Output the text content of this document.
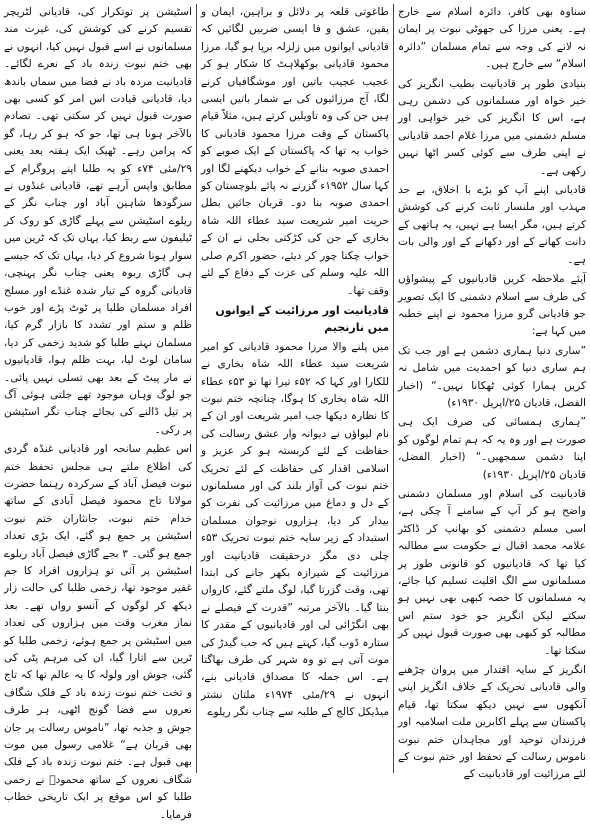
سناوہ بھی کافر، دائرہ اسلام سے خارج ہے۔ یعنی مرزا کی جھوٹی نبوت پر ایمان نہ لانے کی وجہ سے تمام مسلمان ”دائرہ اسلام“ سے خارج ہیں۔

بنیادی طور پر قادیانیت بطیب انگریز کی خیر خواہ اور مسلمانوں کی دشمن رہی ہے، اس کا انگریز کی خیر خواہی اور مسلم دشمنی میں مرزا غلام احمد قادیانی نے اپنی طرف سے کوئی کسر اٹھا نہیں رکھی ہے۔

قادیانی اپنے آپ کو بڑے با اخلاق، بے حد مہذب اور ملنسار ثابت کرنے کی کوشش کرتے ہیں، مگر ایسا ہے نہیں، یہ ہاتھی کے دانت کھانے کے اور دکھانے کے اور والی بات ہے۔

آیئے ملاحظہ کریں قادیانیوں کے پیشواؤں کی طرف سے اسلام دشمنی کا ایک تصویر جو قادیانی گرو مرزا محمود نے اپنے خطبہ میں کہا ہے:

”ساری دنیا ہماری دشمن ہے اور جب تک ہم ساری دنیا کو احمدیت میں شامل نہ کریں ہمارا کوئی ٹھکانا نہیں۔“ (اخبار الفضل، قادیان ۲۵/اپریل ۱۹۳۰ء)

”ہماری ہمسائی کی صرف ایک ہی صورت ہے اور وہ یہ کہ ہم تمام لوگوں کو اپنا دشمن سمجھیں۔“ (اخبار الفضل، قادیان ۲۵/اپریل ۱۹۳۰ء)

قادیانیت کی اسلام اور مسلمان دشمنی واضح ہو کر آپ کے سامنے آ چکی ہے، اسی مسلم دشمنی کو بھانپ کر ڈاکٹر علامہ محمد اقبال نے حکومت سے مطالبہ کیا تھا کہ قادیانیوں کو قانونی طور پر مسلمانوں سے الگ اقلیت تسلیم کیا جائے، یہ مسلمانوں کا حصہ کبھی بھی نہیں ہو سکتے لیکن انگریز جو خود ستم اس مطالبہ کو کبھی بھی صورت قبول نہیں کر سکتا تھا۔

انگریز کے سایہ اقتدار میں پروان چڑھنے والی قادیانی تحریک کے خلاف انگریز اپنی آنکھوں سے نہیں دیکھ سکتا تھا، قیام پاکستان سے پہلے اکابرین ملت اسلامیہ اور فرزندان توحید اور مجاہدان ختم نبوت ناموس رسالت کے تحفظ اور ختم نبوت کے لئے مرزائیت اور قادیانیت کے

طاغوتی قلعہ پر دلائل و براہین، ایمان و یقین، عشق و فا ایسی ضربیں لگائیں کہ قادیانی ایوانوں میں زلزلہ برپا ہو گیا، مرزا محمود قادیانی بوکھلاہٹ کا شکار ہو کر عجیب عجیب باتیں اور موشگافیاں کرنے لگا، آج مرزائیوں کی بے شمار باتیں ایسی ہیں جن کی وہ تاویلیں کرتے ہیں، مثلاً قیام پاکستان کے وقت مرزا محمود قادیانی کا خواب یہ تھا کہ پاکستان کے ایک صوبے کو احمدی صوبہ بنانے کے خواب دیکھنے لگا اور کہا سال ۱۹۵۲ء گزرنے نہ پائے بلوچستان کو احمدی صوبہ بنا دو۔ قربان جائیں بطل حریت امیر شریعت سید عطاء اللہ شاہ بخاری کے جن کی کڑکتی بجلی نے ان کے خواب چکنا چور کر دیئے، حضور اکرم صلی اللہ علیہ وسلم کی عزت کے دفاع کے لئے وقف تھا۔

قادیانیت اور مرزائیت کے ایوانوں میں نارنجیم

میں پلنے والا مرزا محمود قادیانی کو امیر شریعت سید عطاء اللہ شاہ بخاری نے للکارا اور کہا کہ ۵۲ء تیرا تھا تو ۵۳ء عطاء اللہ شاہ بخاری کا ہوگا، چنانچہ ختم نبوت کا نظارہ دیکھا جب امیر شریعت اور ان کے نام لیواؤں نے دیوانہ وار عشق رسالت کی حفاظت کے لئے کربستہ ہو کر عزیز و اسلامی اقدار کی حفاظت کے لئے تحریک ختم نبوت کی آواز بلند کی اور مسلمانوں کے دل و دماغ میں مرزائیت کی نفرت کو بیدار کر دیا، ہزاروں نوجوان مسلمان استبداد کے زیر سایہ ختم نبوت تحریک ۵۳ء چلی دی مگر درحقیقت قادیانیت اور مرزائیت کے شیرازہ بکھر جانے کی ابتدا تھی، وقت گزرتا گیا، لوگ ملتے گئے، کارواں بنتا گیا۔ بالآخر مرتبہ ”قدرت کے فیصلے نے بھی انگڑائی لی اور قادیانیوں کے مقدر کا ستارہ ڈوب گیا، کہتے ہیں کہ جب گیدڑ کی موت آتی ہے تو وہ شہر کی طرف بھاگتا ہے۔ اس جملہ کا مصداق قادیانی بنے، انہوں نے ۲۹/مئی ۱۹۷۴ء ملتان نشتر میڈیکل کالج کے طلبہ سے چناب نگر ریلوے

اسٹیشن پر توتکرار کی، قادیانی لٹریچر تقسیم کرنے کی کوشش کی، غیرت مند مسلمانوں نے اسے قبول نہیں کیا، انہوں نے بھی ختم نبوت زندہ باد کے نعرے لگائے۔ قادیانیت مردہ باد نے فضا میں سماں باندھ دیا، قادیانی قیادت اس امر کو کسی بھی صورت قبول نہیں کر سکتی تھی۔ تصادم بالآخر ہونا ہی تھا، جو کہ ہو کر رہا، گو کہ پرامن رہے۔ ٹھیک ایک ہفتہ بعد یعنی ۲۹/مئی ۷۴ء کو یہ طلبا اپنے پروگرام کے مطابق واپس آرہے تھے، قادیانی غنڈوں نے سرگودھا شاہین آباد اور چناب نگر کے ریلوے اسٹیشن سے پہلے گاڑی کو روک کر ٹیلیفون سے ربط کیا، یہاں تک کہ ٹرین میں سوار ہونا شروع کر دیا، یہاں تک کہ جیسے ہی گاڑی ربوہ یعنی چناب نگر پہنچی، قادیانی گروہ کے تیار شدہ غنڈے اور مسلح افراد مسلمان طلبا پر ٹوٹ پڑے اور خوب ظلم و ستم اور تشدد کا بازار گرم کیا، مسلمان نہتے طلبا کو شدید زخمی کر دیا، سامان لوٹ لیا، بہت ظلم ہوا، قادیانیوں نے مار پیٹ کے بعد بھی تسلی نہیں پائی۔ جو لوگ وہاں موجود تھے جلتی ہوئی آگ پر تیل ڈالنے کی بجائے چناب نگر اسٹیشن پر رکی۔

اس عظیم سانحہ اور قادیانی غنڈہ گردی کی اطلاع ملتے ہی مجلس تحفظ ختم نبوت فیصل آباد کے سرکردہ رہنما حضرت مولانا تاج محمود فیصل آبادی کے ساتھ خدام ختم نبوت، جانثاران ختم نبوت اسٹیشن پر جمع ہو گئے، ایک بڑی تعداد جمع ہو گئی۔ ۳ بجے گاڑی فیصل آباد ریلوے اسٹیشن پر آئی تو ہزاروں افراد کا جم غفیر موجود تھا، زخمی طلبا کی حالت زار دیکھ کر لوگوں کے آنسو رواں تھے۔ بعد نماز مغرب وقت میں ہزاروں کی تعداد میں اسٹیشن پر جمع ہوئے، زخمی طلبا کو ٹرین سے اتارا گیا، ان کی مرہم پٹی کی گئی، جوش اور ولولہ کا یہ عالم تھا کہ تاج و تخت ختم نبوت زندہ باد کے فلک شگاف نعروں سے فضا گونج اٹھی، ہر طرف جوش و جذبہ تھا، ”ناموس رسالت پر جان بھی قربان ہے“ غلامی رسول میں موت بھی قبول ہے۔ ختم نبوت زندہ باد کے فلک شگاف نعروں کے ساتھ محمودؒ نے زخمی طلبا کو اس موقع پر ایک تاریخی خطاب فرمایا۔
